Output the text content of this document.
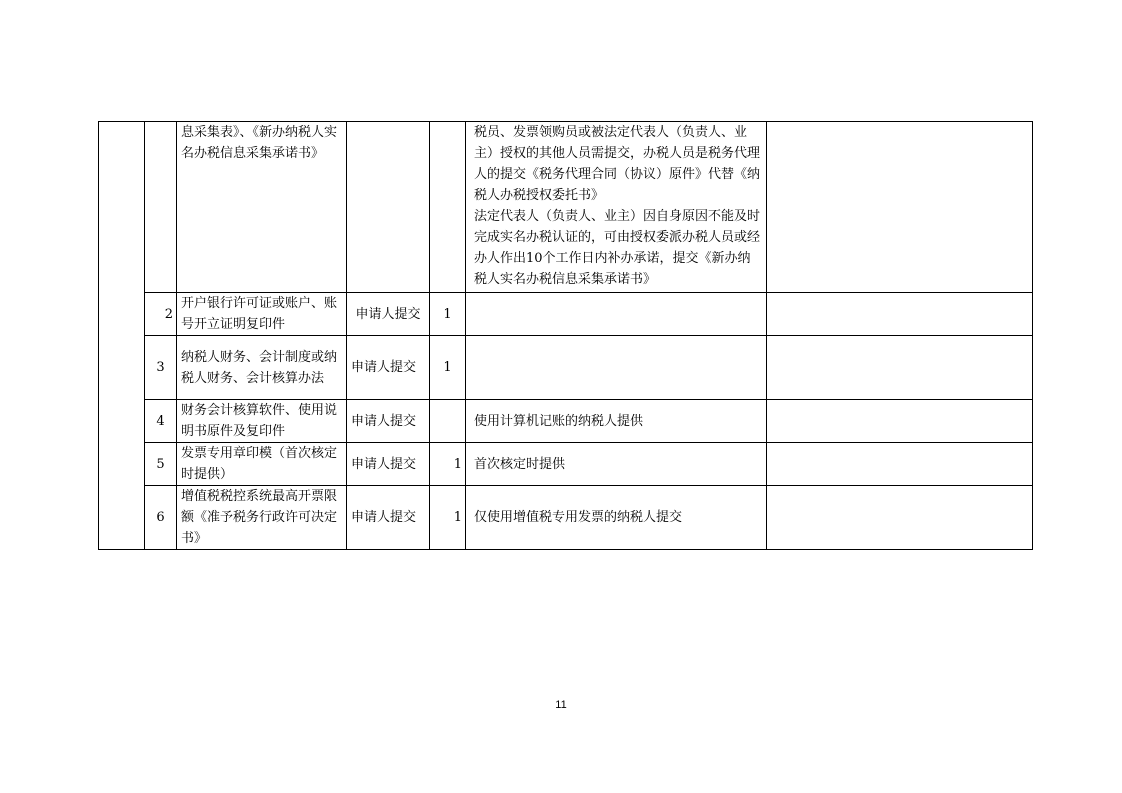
		息采集表》、《新办纳税人实名办税信息采集承诺书》			税员、发票领购员或被法定代表人（负责人、业主）授权的其他人员需提交，办税人员是税务代理人的提交《税务代理合同（协议）原件》代替《纳税人办税授权委托书》
法定代表人（负责人、业主）因自身原因不能及时完成实名办税认证的，可由授权委派办税人员或经办人作出10个工作日内补办承诺，提交《新办纳税人实名办税信息采集承诺书》	

	2	开户银行许可证或账户、账号开立证明复印件	申请人提交	1		
	3	纳税人财务、会计制度或纳税人财务、会计核算办法	申请人提交	1		
	4	财务会计核算软件、使用说明书原件及复印件	申请人提交		使用计算机记账的纳税人提供	
	5	发票专用章印模（首次核定时提供）	申请人提交	1	首次核定时提供	
	6	增值税税控系统最高开票限额《准予税务行政许可决定书》	申请人提交	1	仅使用增值税专用发票的纳税人提交	
11
